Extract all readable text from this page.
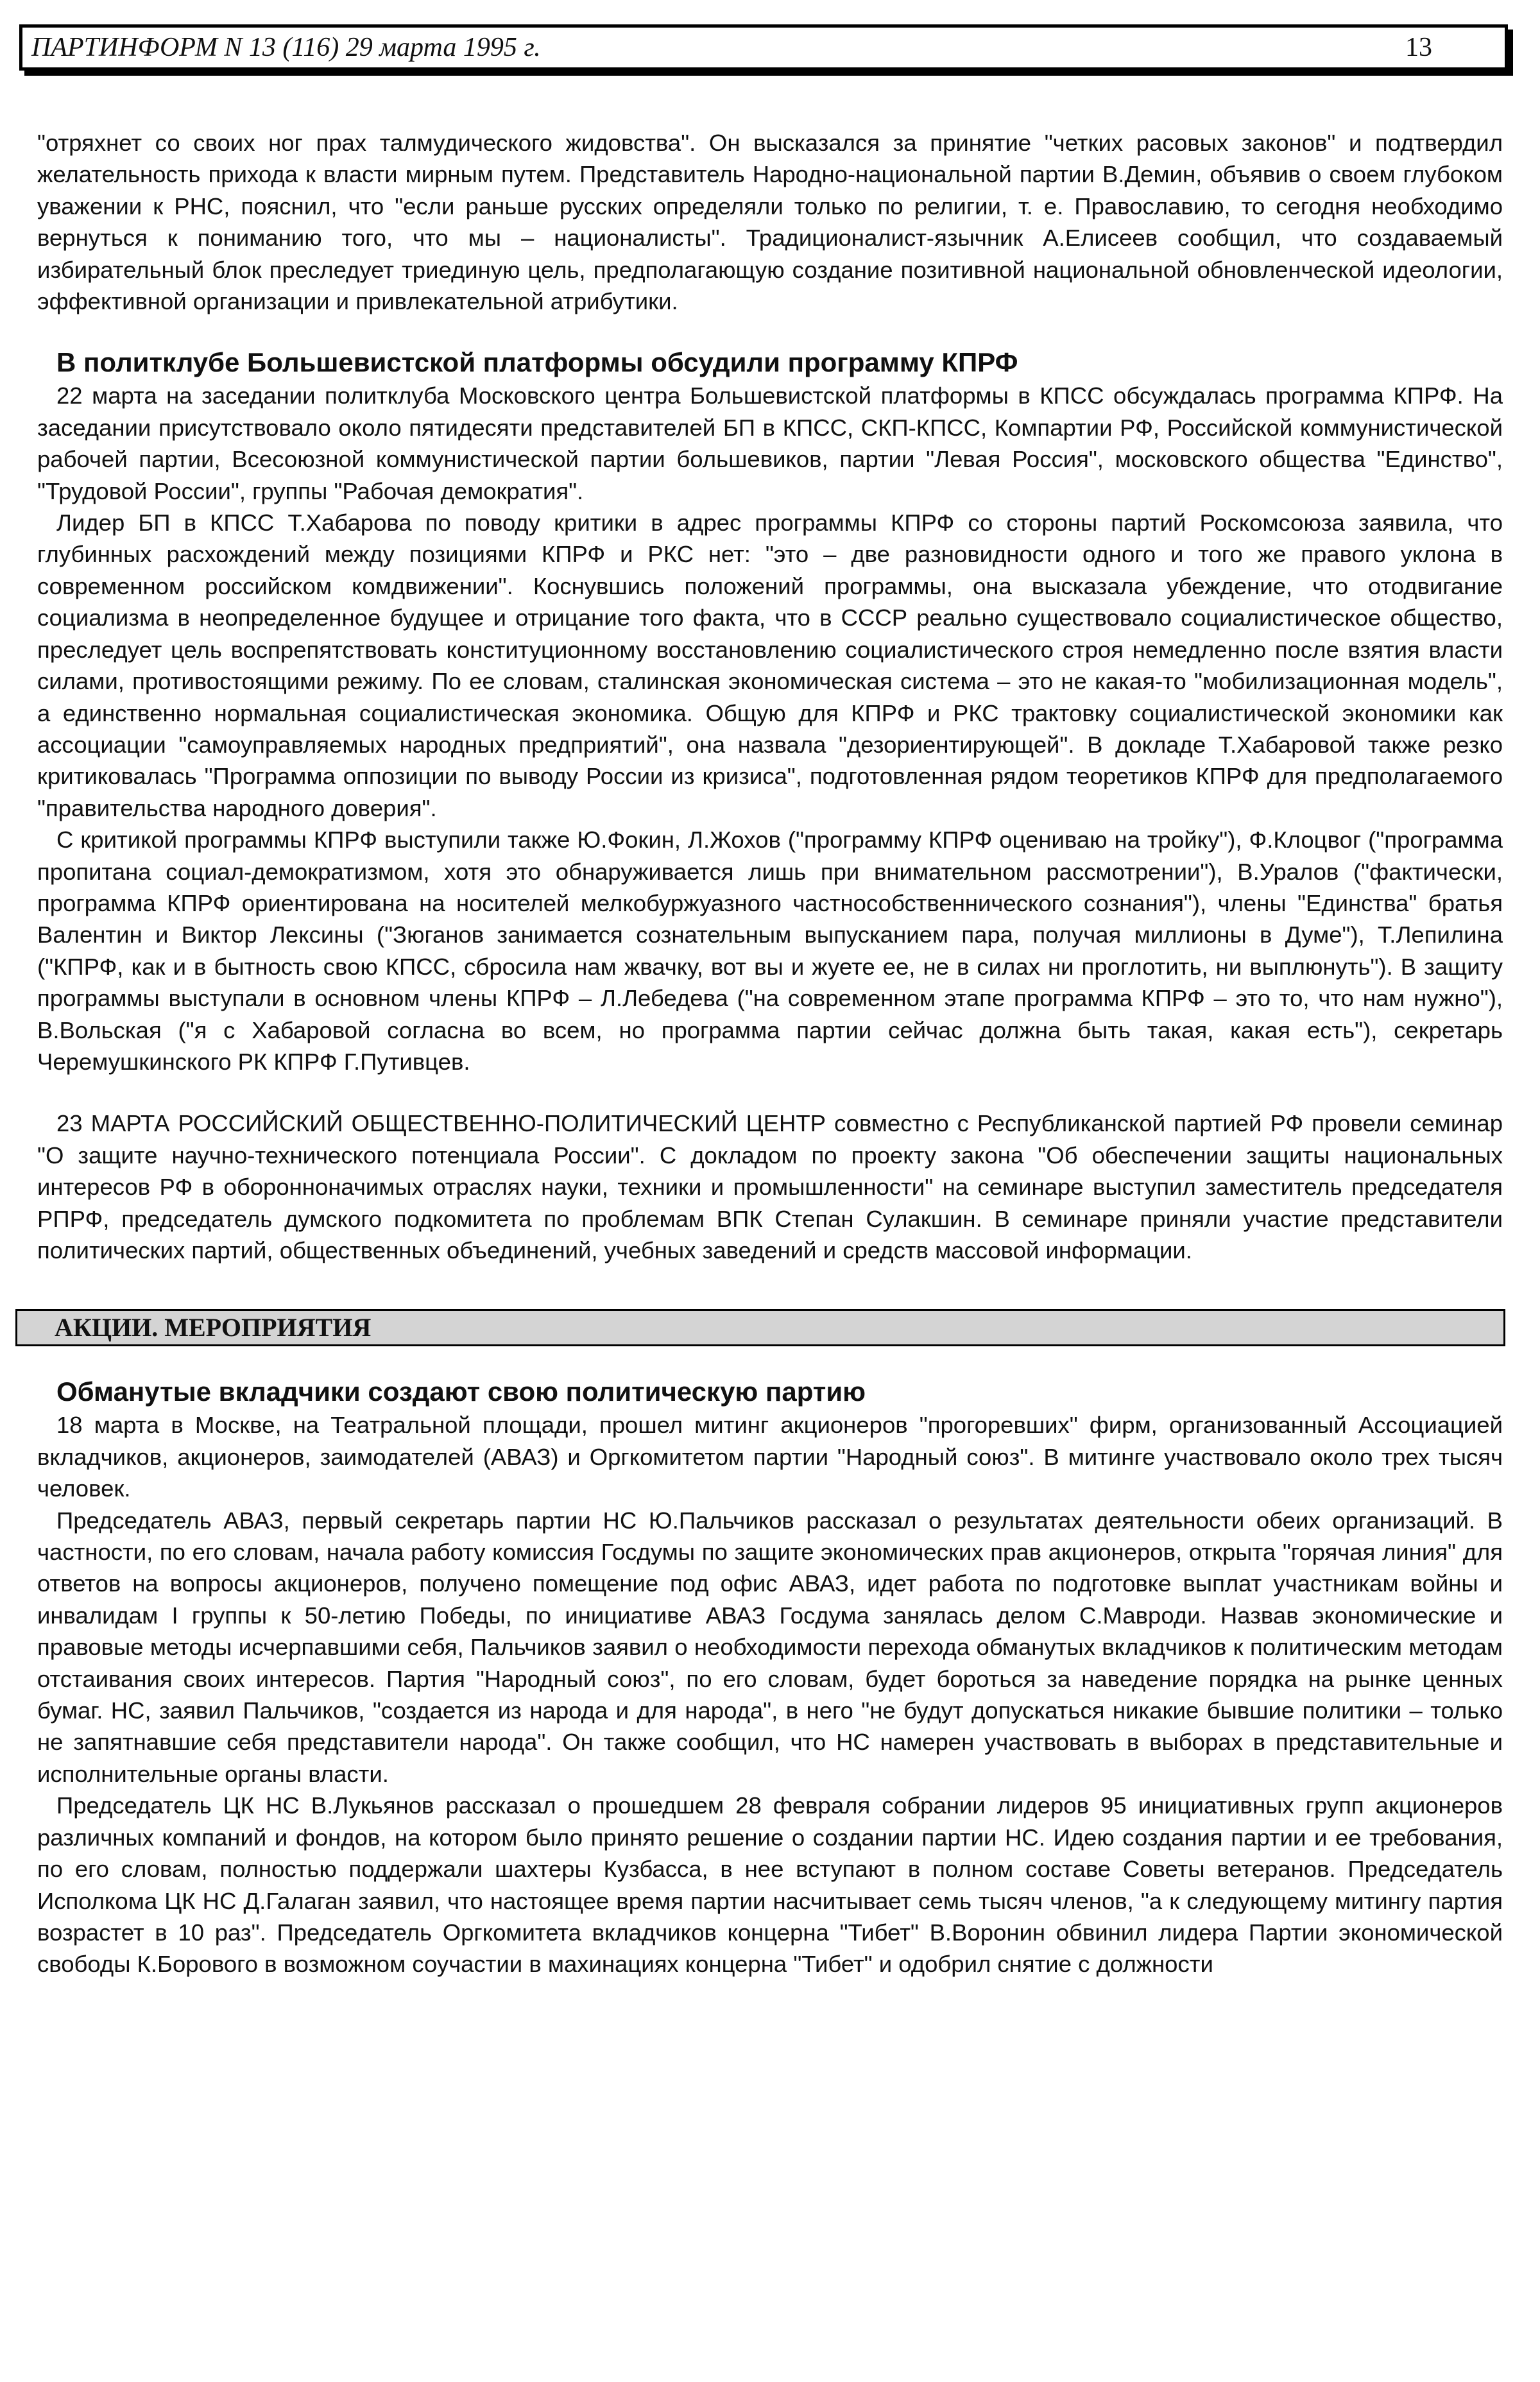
ПАРТИНФОРМ N 13 (116) 29 марта 1995 г.	13

"отряхнет со своих ног прах талмудического жидовства". Он высказался за принятие "четких расовых законов" и подтвердил желательность прихода к власти мирным путем. Представитель Народно-национальной партии В.Демин, объявив о своем глубоком уважении к РНС, пояснил, что "если раньше русских определяли только по религии, т. е. Православию, то сегодня необходимо вернуться к пониманию того, что мы – националисты". Традиционалист-язычник А.Елисеев сообщил, что создаваемый избирательный блок преследует триединую цель, предполагающую создание позитивной национальной обновленческой идеологии, эффективной организации и привлекательной атрибутики.

В политклубе Большевистской платформы обсудили программу КПРФ

22 марта на заседании политклуба Московского центра Большевистской платформы в КПСС обсуждалась программа КПРФ. На заседании присутствовало около пятидесяти представителей БП в КПСС, СКП-КПСС, Компартии РФ, Российской коммунистической рабочей партии, Всесоюзной коммунистической партии большевиков, партии "Левая Россия", московского общества "Единство", "Трудовой России", группы "Рабочая демократия".

Лидер БП в КПСС Т.Хабарова по поводу критики в адрес программы КПРФ со стороны партий Роскомсоюза заявила, что глубинных расхождений между позициями КПРФ и РКС нет: "это – две разновидности одного и того же правого уклона в современном российском комдвижении". Коснувшись положений программы, она высказала убеждение, что отодвигание социализма в неопределенное будущее и отрицание того факта, что в СССР реально существовало социалистическое общество, преследует цель воспрепятствовать конституционному восстановлению социалистического строя немедленно после взятия власти силами, противостоящими режиму. По ее словам, сталинская экономическая система – это не какая-то "мобилизационная модель", а единственно нормальная социалистическая экономика. Общую для КПРФ и РКС трактовку социалистической экономики как ассоциации "самоуправляемых народных предприятий", она назвала "дезориентирующей". В докладе Т.Хабаровой также резко критиковалась "Программа оппозиции по выводу России из кризиса", подготовленная рядом теоретиков КПРФ для предполагаемого "правительства народного доверия".

С критикой программы КПРФ выступили также Ю.Фокин, Л.Жохов ("программу КПРФ оцениваю на тройку"), Ф.Клоцвог ("программа пропитана социал-демократизмом, хотя это обнаруживается лишь при внимательном рассмотрении"), В.Уралов ("фактически, программа КПРФ ориентирована на носителей мелкобуржуазного частнособственнического сознания"), члены "Единства" братья Валентин и Виктор Лексины ("Зюганов занимается сознательным выпусканием пара, получая миллионы в Думе"), Т.Лепилина ("КПРФ, как и в бытность свою КПСС, сбросила нам жвачку, вот вы и жуете ее, не в силах ни проглотить, ни выплюнуть"). В защиту программы выступали в основном члены КПРФ – Л.Лебедева ("на современном этапе программа КПРФ – это то, что нам нужно"), В.Вольская ("я с Хабаровой согласна во всем, но программа партии сейчас должна быть такая, какая есть"), секретарь Черемушкинского РК КПРФ Г.Путивцев.

23 МАРТА РОССИЙСКИЙ ОБЩЕСТВЕННО-ПОЛИТИЧЕСКИЙ ЦЕНТР совместно с Республиканской партией РФ провели семинар "О защите научно-технического потенциала России". С докладом по проекту закона "Об обеспечении защиты национальных интересов РФ в оборонноначимых отраслях науки, техники и промышленности" на семинаре выступил заместитель председателя РПРФ, председатель думского подкомитета по проблемам ВПК Степан Сулакшин. В семинаре приняли участие представители политических партий, общественных объединений, учебных заведений и средств массовой информации.

АКЦИИ. МЕРОПРИЯТИЯ
Обманутые вкладчики создают свою политическую партию

18 марта в Москве, на Театральной площади, прошел митинг акционеров "прогоревших" фирм, организованный Ассоциацией вкладчиков, акционеров, заимодателей (АВАЗ) и Оргкомитетом партии "Народный союз". В митинге участвовало около трех тысяч человек.

Председатель АВАЗ, первый секретарь партии НС Ю.Пальчиков рассказал о результатах деятельности обеих организаций. В частности, по его словам, начала работу комиссия Госдумы по защите экономических прав акционеров, открыта "горячая линия" для ответов на вопросы акционеров, получено помещение под офис АВАЗ, идет работа по подготовке выплат участникам войны и инвалидам I группы к 50-летию Победы, по инициативе АВАЗ Госдума занялась делом С.Мавроди. Назвав экономические и правовые методы исчерпавшими себя, Пальчиков заявил о необходимости перехода обманутых вкладчиков к политическим методам отстаивания своих интересов. Партия "Народный союз", по его словам, будет бороться за наведение порядка на рынке ценных бумаг. НС, заявил Пальчиков, "создается из народа и для народа", в него "не будут допускаться никакие бывшие политики – только не запятнавшие себя представители народа". Он также сообщил, что НС намерен участвовать в выборах в представительные и исполнительные органы власти.

Председатель ЦК НС В.Лукьянов рассказал о прошедшем 28 февраля собрании лидеров 95 инициативных групп акционеров различных компаний и фондов, на котором было принято решение о создании партии НС. Идею создания партии и ее требования, по его словам, полностью поддержали шахтеры Кузбасса, в нее вступают в полном составе Советы ветеранов. Председатель Исполкома ЦК НС Д.Галаган заявил, что настоящее время партии насчитывает семь тысяч членов, "а к следующему митингу партия возрастет в 10 раз". Председатель Оргкомитета вкладчиков концерна "Тибет" В.Воронин обвинил лидера Партии экономической свободы К.Борового в возможном соучастии в махинациях концерна "Тибет" и одобрил снятие с должности
